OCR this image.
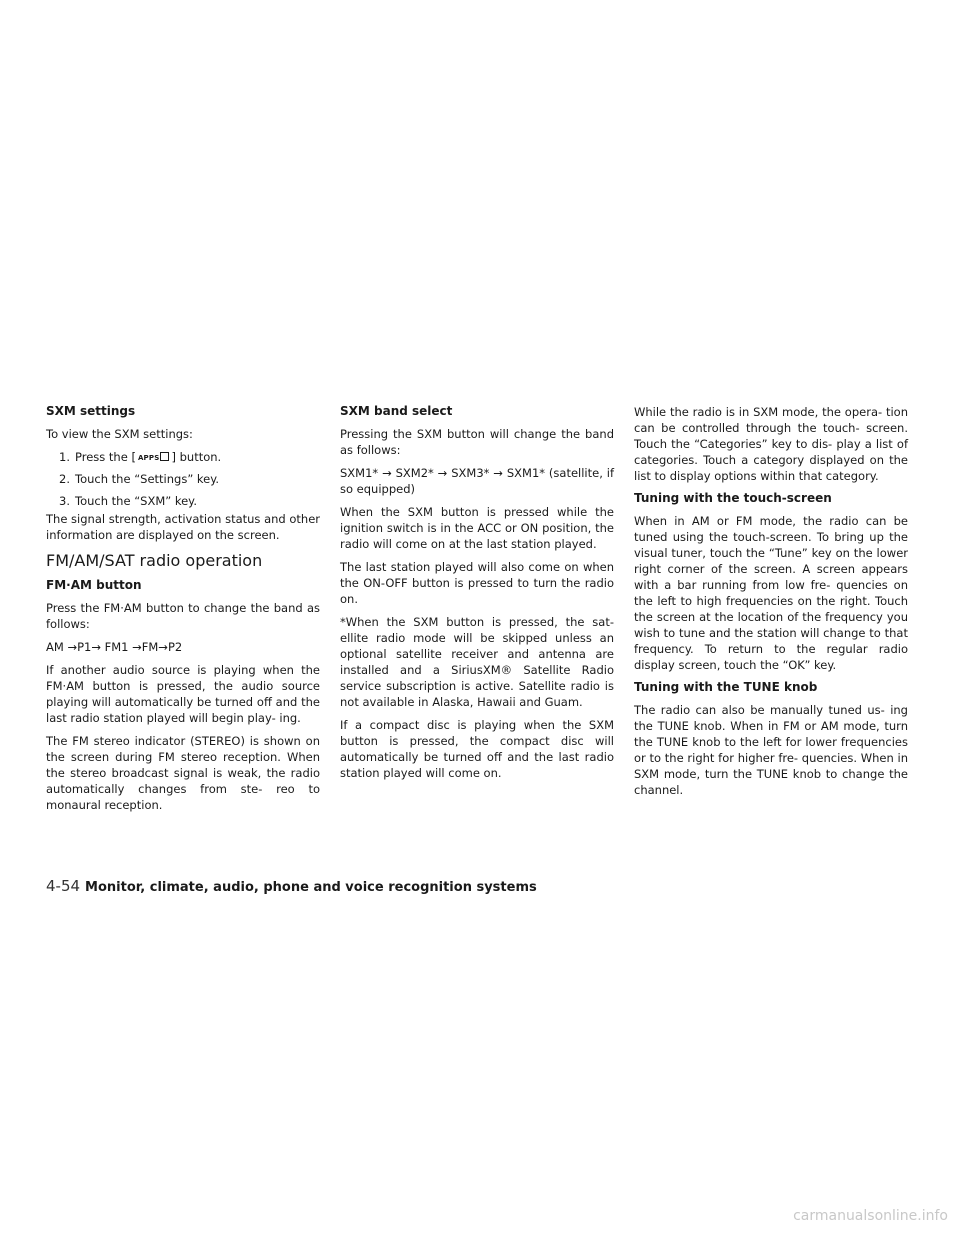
SXM settings
To view the SXM settings:
1. Press the [ APPS ] button.
2. Touch the “Settings” key.
3. Touch the “SXM” key.
The signal strength, activation status and other information are displayed on the screen.
FM/AM/SAT radio operation
FM·AM button
Press the FM·AM button to change the band as follows:
AM →P1→ FM1 →FM→P2
If another audio source is playing when the FM·AM button is pressed, the audio source playing will automatically be turned off and the last radio station played will begin play- ing.
The FM stereo indicator (STEREO) is shown on the screen during FM stereo reception. When the stereo broadcast signal is weak, the radio automatically changes from ste- reo to monaural reception.
SXM band select
Pressing the SXM button will change the band as follows:
SXM1* → SXM2* → SXM3* → SXM1* (satellite, if so equipped)
When the SXM button is pressed while the ignition switch is in the ACC or ON position, the radio will come on at the last station played.
The last station played will also come on when the ON-OFF button is pressed to turn the radio on.
*When the SXM button is pressed, the sat- ellite radio mode will be skipped unless an optional satellite receiver and antenna are installed and a SiriusXM® Satellite Radio service subscription is active. Satellite radio is not available in Alaska, Hawaii and Guam.
If a compact disc is playing when the SXM button is pressed, the compact disc will automatically be turned off and the last radio station played will come on.
While the radio is in SXM mode, the opera- tion can be controlled through the touch- screen. Touch the “Categories” key to dis- play a list of categories. Touch a category displayed on the list to display options within that category.
Tuning with the touch-screen
When in AM or FM mode, the radio can be tuned using the touch-screen. To bring up the visual tuner, touch the “Tune” key on the lower right corner of the screen. A screen appears with a bar running from low fre- quencies on the left to high frequencies on the right. Touch the screen at the location of the frequency you wish to tune and the station will change to that frequency. To return to the regular radio display screen, touch the “OK” key.
Tuning with the TUNE knob
The radio can also be manually tuned us- ing the TUNE knob. When in FM or AM mode, turn the TUNE knob to the left for lower frequencies or to the right for higher fre- quencies. When in SXM mode, turn the TUNE knob to change the channel.
4-54 Monitor, climate, audio, phone and voice recognition systems
carmanualsonline.info
